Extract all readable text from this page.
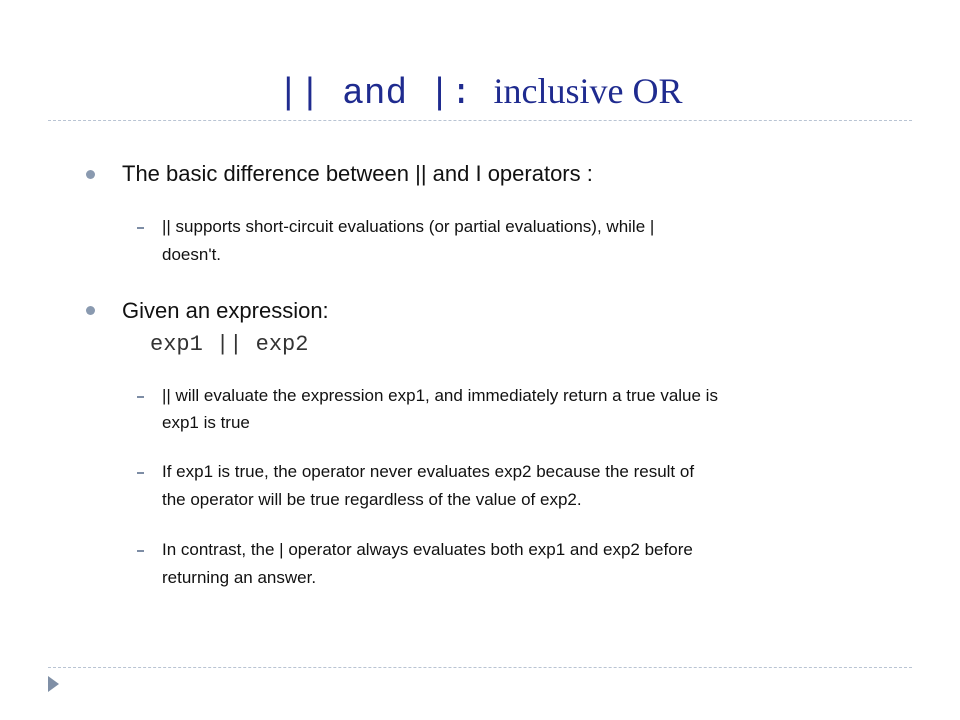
|| and |: inclusive OR
The basic difference between || and I operators :
|| supports short-circuit evaluations (or partial evaluations), while |
doesn't.
Given an expression:
exp1 || exp2
|| will evaluate the expression exp1, and immediately return a true value is
exp1 is true
If exp1 is true, the operator never evaluates exp2 because the result of
the operator will be true regardless of the value of exp2.
In contrast, the | operator always evaluates both exp1 and exp2 before
returning an answer.
